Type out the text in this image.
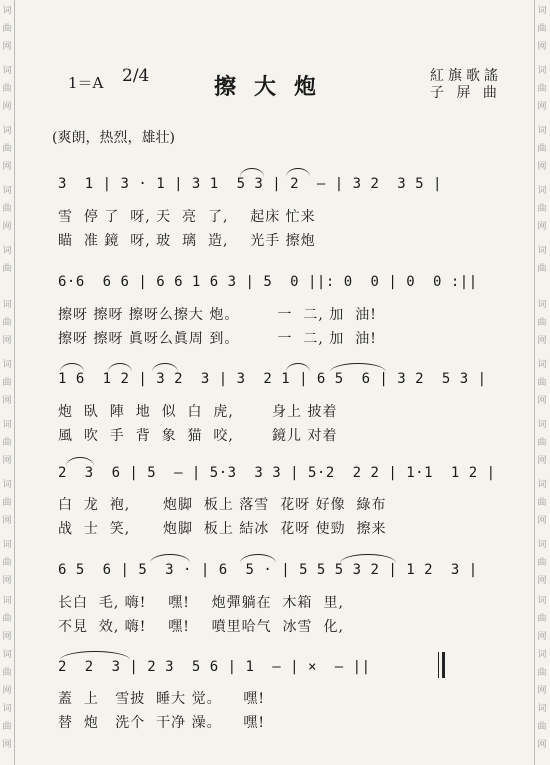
词
曲
网
词
曲
网
词
曲
网
词
曲
网
词
曲
词
曲
网
词
曲
网
词
曲
网
词
曲
网
词
曲
网
词
曲
网
词
曲
网
词
曲
网
词
曲
网
词
曲
网
词
曲
网
词
曲
网
词
曲
词
曲
网
词
曲
网
词
曲
网
词
曲
网
词
曲
网
词
曲
网
词
曲
网
词
曲
网
1＝A 2/4	擦大炮	紅旗歌謠
子 屏 曲
(爽朗，热烈，雄壮)
3  1 | 3 · 1 | 3 1  5 3 | 2  — | 3 2  3 5 |
雪  停 了  呀, 天  亮  了,    起床 忙来
瞄  准 鏡  呀, 玻  璃  造,    光手 擦炮
6·6  6 6 | 6 6 1 6 3 | 5  0 ||: 0  0 | 0  0 :||
擦呀 擦呀 擦呀么擦大 炮。       一  二, 加  油!
擦呀 擦呀 眞呀么眞周 到。       一  二, 加  油!
1 6  1 2 | 3 2  3 | 3  2 1 | 6 5  6 | 3 2  5 3 |
炮  臥  陣  地  似  白  虎,       身上 披着
風  吹  手  背  象  猫  咬,       鏡儿 对着
2  3  6 | 5  — | 5·3  3 3 | 5·2  2 2 | 1·1  1 2 |
白  龙  袍,      炮脚  板上 落雪  花呀 好像  綠布
战  士  笑,      炮脚  板上 結冰  花呀 使勁  擦来
6 5  6 | 5  3 · | 6  5 · | 5 5 5 3 2 | 1 2  3 |
长白  毛, 嗨!    嘿!    炮彈躺在  木箱  里,
不見  效, 嗨!    嘿!    噴里哈气  冰雪  化,
2  2  3 | 2 3  5 6 | 1  — | ×  — ||
蓋  上   雪披  睡大 觉。    嘿!
替  炮   洗个  干净 澡。    嘿!
